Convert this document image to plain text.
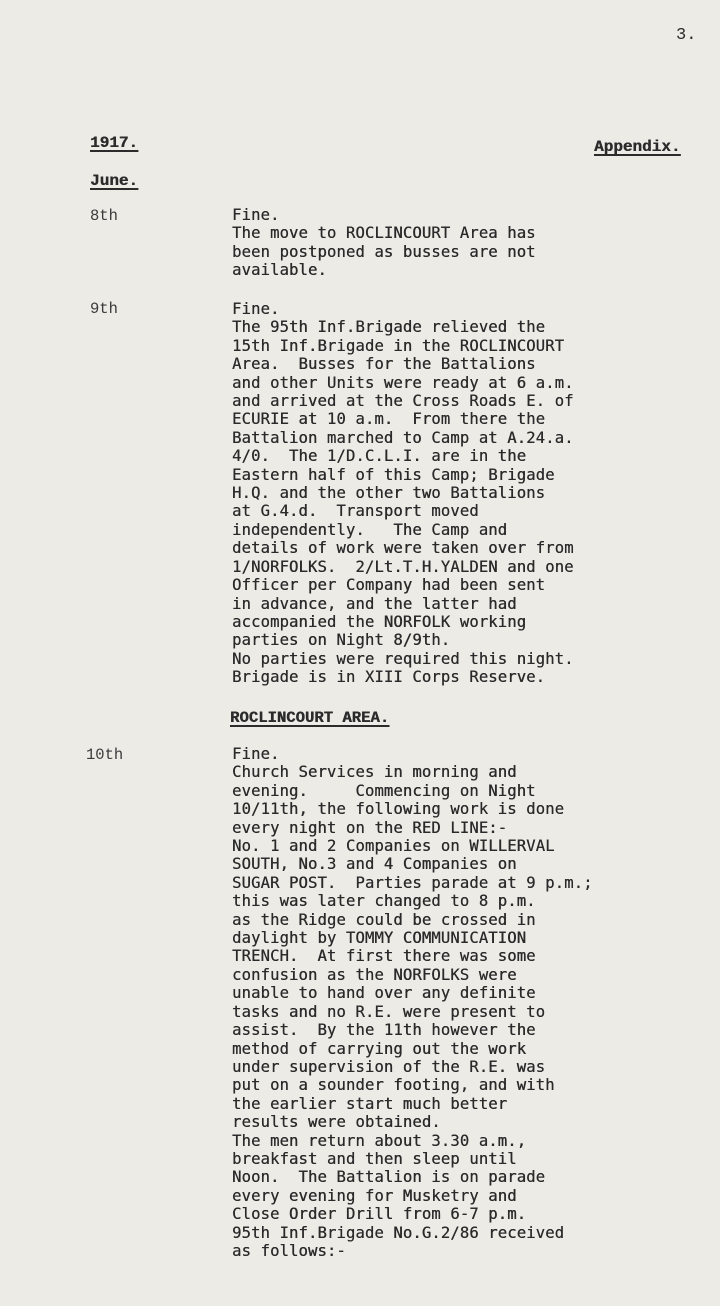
3.
1917.	Appendix.
June.
8th	Fine.
The move to ROCLINCOURT Area has
been postponed as busses are not
available.
9th	Fine.
The 95th Inf.Brigade relieved the
15th Inf.Brigade in the ROCLINCOURT
Area.  Busses for the Battalions
and other Units were ready at 6 a.m.
and arrived at the Cross Roads E. of
ECURIE at 10 a.m.  From there the
Battalion marched to Camp at A.24.a.
4/0.  The 1/D.C.L.I. are in the
Eastern half of this Camp; Brigade
H.Q. and the other two Battalions
at G.4.d.  Transport moved
independently.   The Camp and
details of work were taken over from
1/NORFOLKS.  2/Lt.T.H.YALDEN and one
Officer per Company had been sent
in advance, and the latter had
accompanied the NORFOLK working
parties on Night 8/9th.
No parties were required this night.
Brigade is in XIII Corps Reserve.
ROCLINCOURT AREA.
10th	Fine.
Church Services in morning and
evening.     Commencing on Night
10/11th, the following work is done
every night on the RED LINE:-
No. 1 and 2 Companies on WILLERVAL
SOUTH, No.3 and 4 Companies on
SUGAR POST.  Parties parade at 9 p.m.;
this was later changed to 8 p.m.
as the Ridge could be crossed in
daylight by TOMMY COMMUNICATION
TRENCH.  At first there was some
confusion as the NORFOLKS were
unable to hand over any definite
tasks and no R.E. were present to
assist.  By the 11th however the
method of carrying out the work
under supervision of the R.E. was
put on a sounder footing, and with
the earlier start much better
results were obtained.
The men return about 3.30 a.m.,
breakfast and then sleep until
Noon.  The Battalion is on parade
every evening for Musketry and
Close Order Drill from 6-7 p.m.
95th Inf.Brigade No.G.2/86 received
as follows:-
